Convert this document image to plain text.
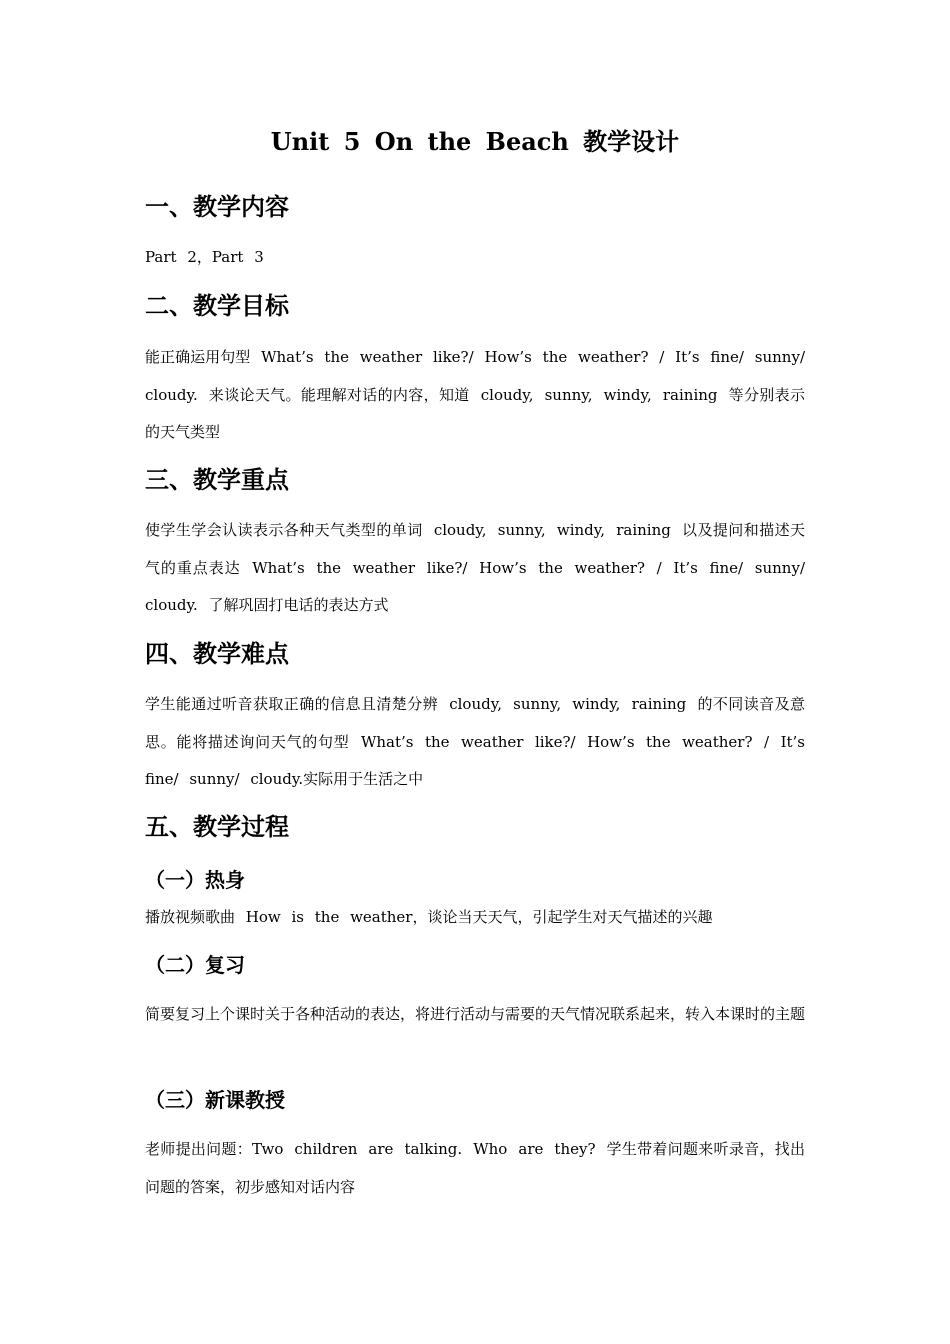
Unit 5 On the Beach 教学设计
一、教学内容

Part 2，Part 3

二、教学目标

能正确运用句型 What’s the weather like?/ How’s the weather? / It’s fine/ sunny/ cloudy. 来谈论天气。能理解对话的内容，知道 cloudy, sunny, windy, raining 等分别表示的天气类型

三、教学重点

使学生学会认读表示各种天气类型的单词 cloudy, sunny, windy, raining 以及提问和描述天气的重点表达 What’s the weather like?/ How’s the weather? / It’s fine/ sunny/ cloudy. 了解巩固打电话的表达方式

四、教学难点

学生能通过听音获取正确的信息且清楚分辨 cloudy, sunny, windy, raining 的不同读音及意思。能将描述询问天气的句型 What’s the weather like?/ How’s the weather? / It’s fine/ sunny/ cloudy.实际用于生活之中

五、教学过程
（一）热身

播放视频歌曲 How is the weather，谈论当天天气，引起学生对天气描述的兴趣

（二）复习

简要复习上个课时关于各种活动的表达，将进行活动与需要的天气情况联系起来，转入本课时的主题

（三）新课教授

老师提出问题：Two children are talking. Who are they? 学生带着问题来听录音，找出问题的答案，初步感知对话内容
